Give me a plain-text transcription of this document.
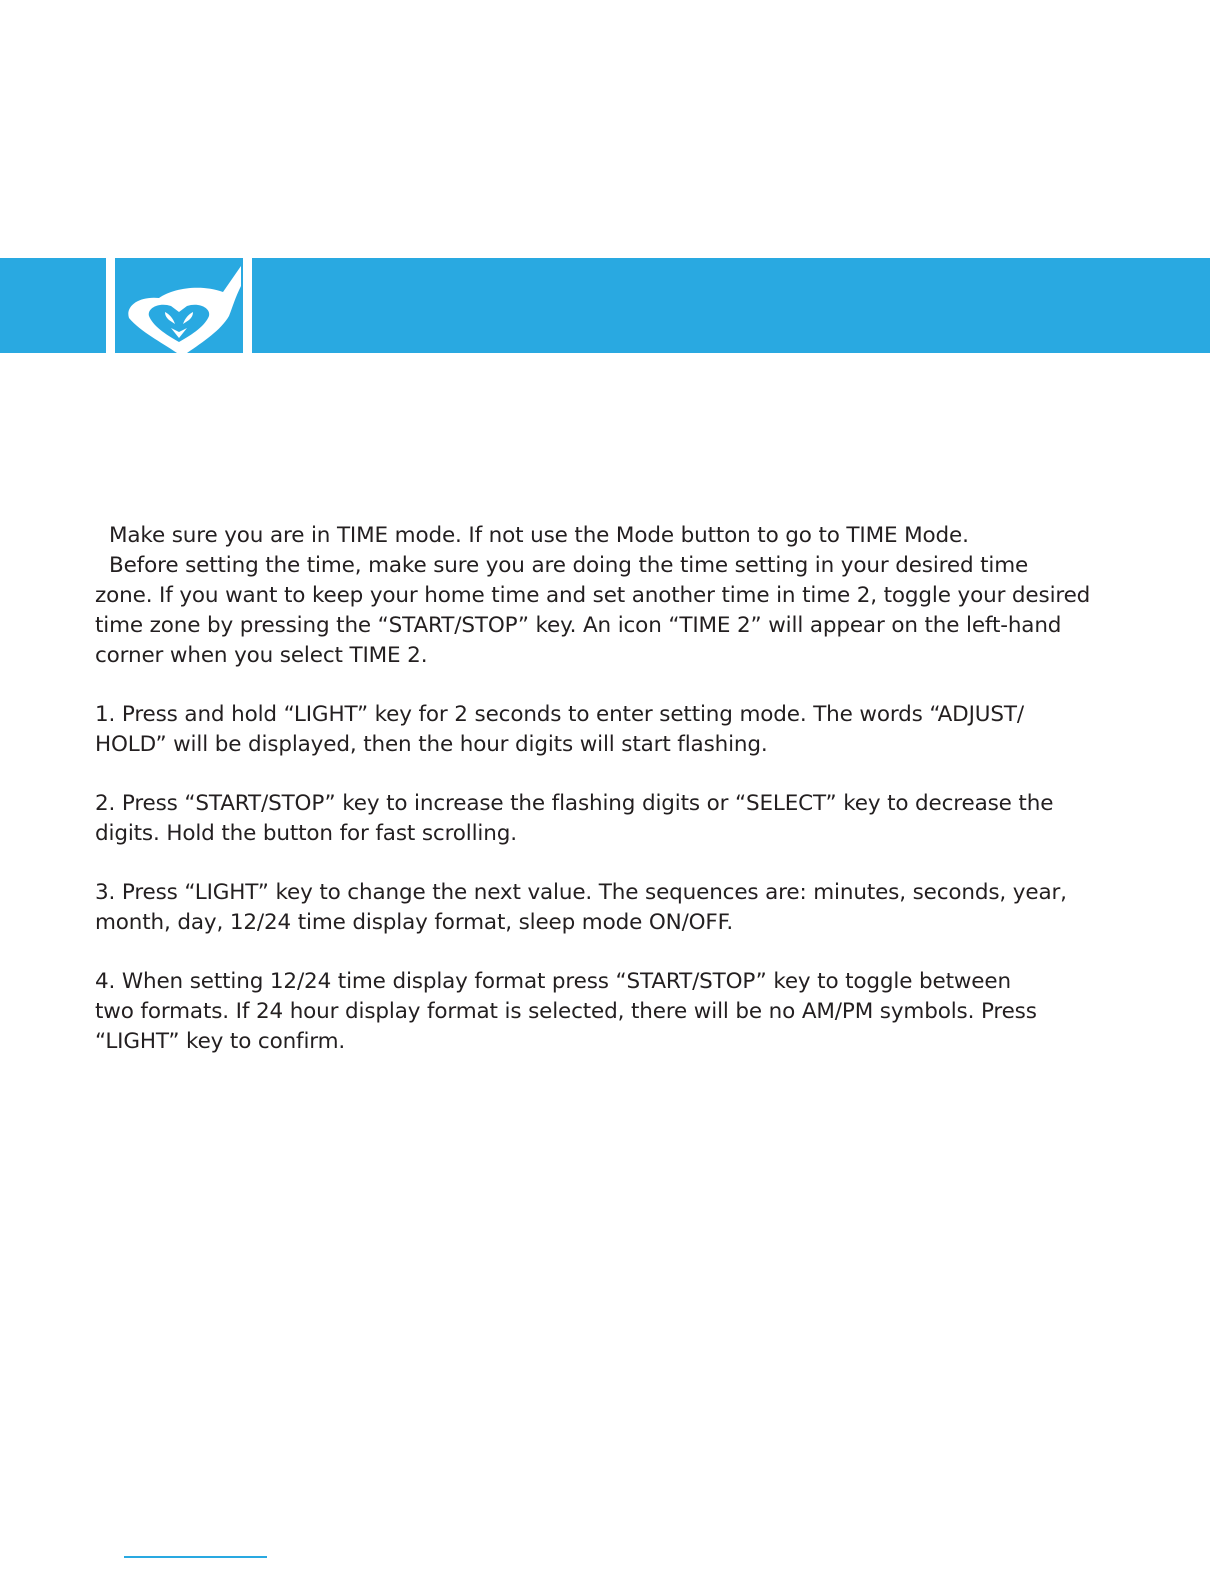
Make sure you are in TIME mode. If not use the Mode button to go to TIME Mode.
Before setting the time, make sure you are doing the time setting in your desired time
zone. If you want to keep your home time and set another time in time 2, toggle your desired
time zone by pressing the “START/STOP” key. An icon “TIME 2” will appear on the left-hand
corner when you select TIME 2.
1. Press and hold “LIGHT” key for 2 seconds to enter setting mode. The words “ADJUST/
HOLD” will be displayed, then the hour digits will start flashing.
2. Press “START/STOP” key to increase the flashing digits or “SELECT” key to decrease the
digits. Hold the button for fast scrolling.
3. Press “LIGHT” key to change the next value. The sequences are: minutes, seconds, year,
month, day, 12/24 time display format, sleep mode ON/OFF.
4. When setting 12/24 time display format press “START/STOP” key to toggle between
two formats. If 24 hour display format is selected, there will be no AM/PM symbols. Press
“LIGHT” key to confirm.
